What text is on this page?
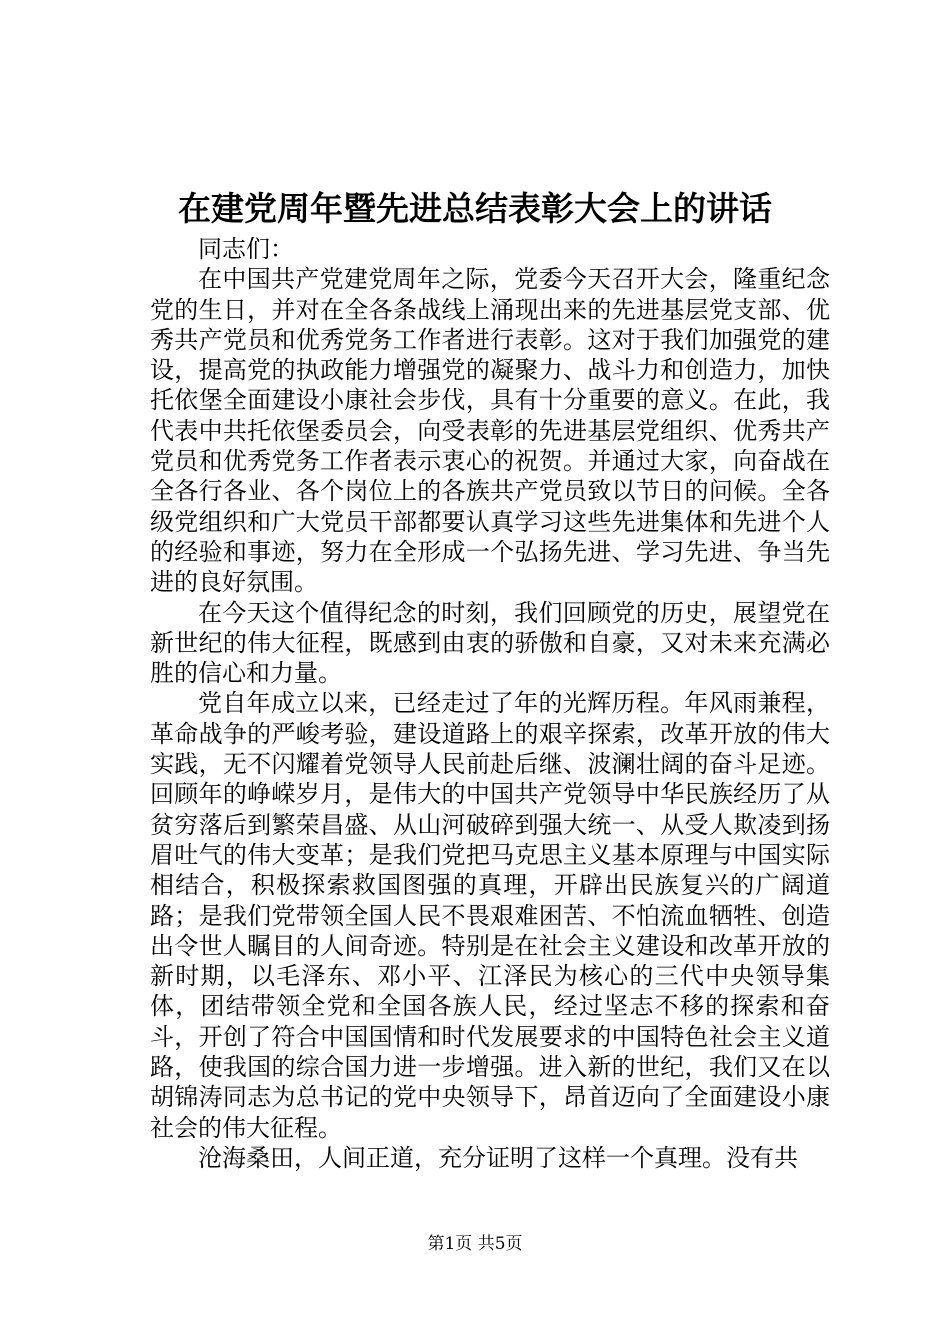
在建党周年暨先进总结表彰大会上的讲话

同志们：

在中国共产党建党周年之际，党委今天召开大会，隆重纪念党的生日，并对在全各条战线上涌现出来的先进基层党支部、优秀共产党员和优秀党务工作者进行表彰。这对于我们加强党的建设，提高党的执政能力增强党的凝聚力、战斗力和创造力，加快托依堡全面建设小康社会步伐，具有十分重要的意义。在此，我代表中共托依堡委员会，向受表彰的先进基层党组织、优秀共产党员和优秀党务工作者表示衷心的祝贺。并通过大家，向奋战在全各行各业、各个岗位上的各族共产党员致以节日的问候。全各级党组织和广大党员干部都要认真学习这些先进集体和先进个人的经验和事迹，努力在全形成一个弘扬先进、学习先进、争当先进的良好氛围。

在今天这个值得纪念的时刻，我们回顾党的历史，展望党在新世纪的伟大征程，既感到由衷的骄傲和自豪，又对未来充满必胜的信心和力量。

党自年成立以来，已经走过了年的光辉历程。年风雨兼程，革命战争的严峻考验，建设道路上的艰辛探索，改革开放的伟大实践，无不闪耀着党领导人民前赴后继、波澜壮阔的奋斗足迹。回顾年的峥嵘岁月，是伟大的中国共产党领导中华民族经历了从贫穷落后到繁荣昌盛、从山河破碎到强大统一、从受人欺凌到扬眉吐气的伟大变革；是我们党把马克思主义基本原理与中国实际相结合，积极探索救国图强的真理，开辟出民族复兴的广阔道路；是我们党带领全国人民不畏艰难困苦、不怕流血牺牲、创造出令世人瞩目的人间奇迹。特别是在社会主义建设和改革开放的新时期，以毛泽东、邓小平、江泽民为核心的三代中央领导集体，团结带领全党和全国各族人民，经过坚志不移的探索和奋斗，开创了符合中国国情和时代发展要求的中国特色社会主义道路，使我国的综合国力进一步增强。进入新的世纪，我们又在以胡锦涛同志为总书记的党中央领导下，昂首迈向了全面建设小康社会的伟大征程。

沧海桑田，人间正道，充分证明了这样一个真理。没有共

第1页 共5页
